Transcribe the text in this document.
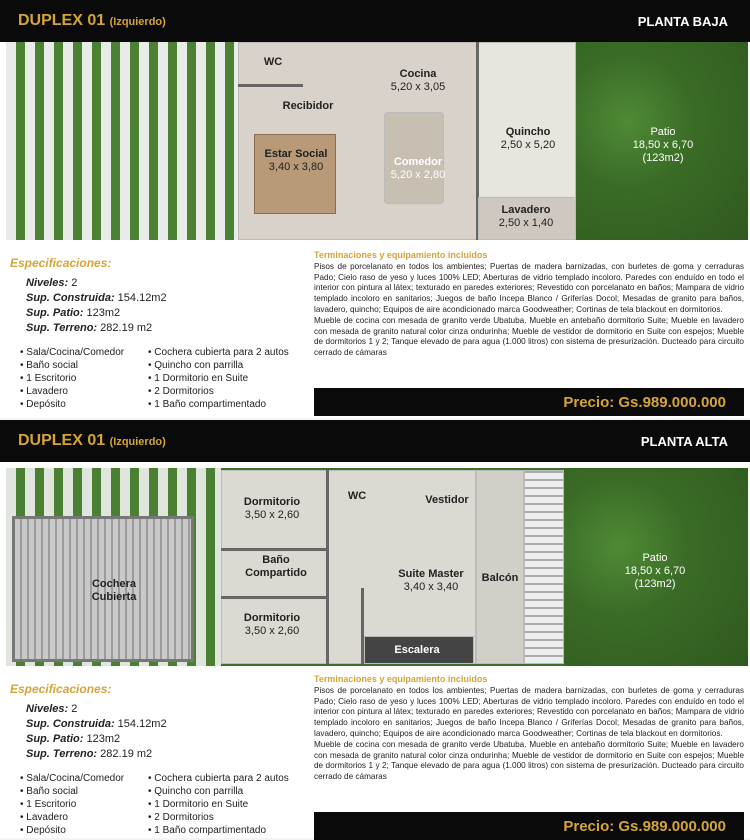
DUPLEX 01 (Izquierdo)	PLANTA BAJA
WC
Cocina
5,20 x 3,05
Recibidor
Quincho
2,50 x 5,20
Estar Social
3,40 x 3,80	Comedor
5,20 x 2,80
Lavadero
2,50 x 1,40
Patio
18,50 x 6,70
(123m2)
Especificaciones:
Niveles: 2
Sup. Construida: 154.12m2
Sup. Patio: 123m2
Sup. Terreno: 282.19 m2
• Sala/Cocina/Comedor
• Baño social
• 1 Escritorio
• Lavadero
• Depósito
• Cochera cubierta para 2 autos
• Quincho con parrilla
• 1 Dormitorio en Suite
• 2 Dormitorios
• 1 Baño compartimentado
Terminaciones y equipamiento incluidos

Pisos de porcelanato en todos los ambientes; Puertas de madera barnizadas, con burletes de goma y cerraduras Pado; Cielo raso de yeso y luces 100% LED; Aberturas de vidrio templado incoloro. Paredes con enduído en todo el interior con pintura al látex; texturado en paredes exteriores; Revestido con porcelanato en baños; Mampara de vidrio templado incoloro en sanitarios; Juegos de baño Incepa Blanco / Griferías Docol; Mesadas de granito para baños, lavadero, quincho; Equipos de aire acondicionado marca Goodweather; Cortinas de tela blackout en dormitorios.

Mueble de cocina con mesada de granito verde Ubatuba. Mueble en antebaño dormitorio Suite; Mueble en lavadero con mesada de granito natural color cinza ondurinha; Mueble de vestidor de dormitorio en Suite con espejos; Mueble de dormitorios 1 y 2; Tanque elevado de para agua (1.000 litros) con sistema de presurización. Ducteado para circuito cerrado de cámaras

Precio: Gs.989.000.000
DUPLEX 01 (Izquierdo)	PLANTA ALTA
Dormitorio
3,50 x 2,60
WC	Vestidor
Baño
Compartido
Cochera
Cubierta
Suite Master
3,40 x 3,40
Balcón
Dormitorio
3,50 x 2,60
Escalera
Patio
18,50 x 6,70
(123m2)
Especificaciones:
Niveles: 2
Sup. Construida: 154.12m2
Sup. Patio: 123m2
Sup. Terreno: 282.19 m2
• Sala/Cocina/Comedor
• Baño social
• 1 Escritorio
• Lavadero
• Depósito
• Cochera cubierta para 2 autos
• Quincho con parrilla
• 1 Dormitorio en Suite
• 2 Dormitorios
• 1 Baño compartimentado
Terminaciones y equipamiento incluidos

Pisos de porcelanato en todos los ambientes; Puertas de madera barnizadas, con burletes de goma y cerraduras Pado; Cielo raso de yeso y luces 100% LED; Aberturas de vidrio templado incoloro. Paredes con enduído en todo el interior con pintura al látex; texturado en paredes exteriores; Revestido con porcelanato en baños; Mampara de vidrio templado incoloro en sanitarios; Juegos de baño Incepa Blanco / Griferías Docol; Mesadas de granito para baños, lavadero, quincho; Equipos de aire acondicionado marca Goodweather; Cortinas de tela blackout en dormitorios.

Mueble de cocina con mesada de granito verde Ubatuba. Mueble en antebaño dormitorio Suite; Mueble en lavadero con mesada de granito natural color cinza ondurinha; Mueble de vestidor de dormitorio en Suite con espejos; Mueble de dormitorios 1 y 2; Tanque elevado de para agua (1.000 litros) con sistema de presurización. Ducteado para circuito cerrado de cámaras

Precio: Gs.989.000.000
